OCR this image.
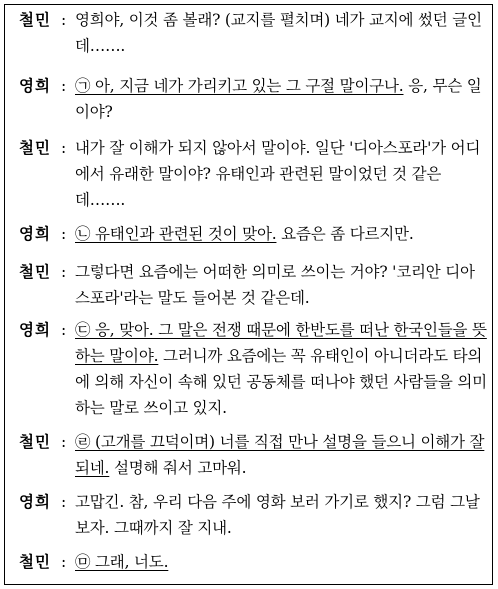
철민 : 영희야, 이것 좀 볼래? (교지를 펼치며) 네가 교지에 썼던 글인데…….
영희 : ㉠ 아, 지금 네가 가리키고 있는 그 구절 말이구나. 응, 무슨 일이야?
철민 : 내가 잘 이해가 되지 않아서 말이야. 일단 '디아스포라'가 어디에서 유래한 말이야? 유태인과 관련된 말이었던 것 같은데…….
영희 : ㉡ 유태인과 관련된 것이 맞아. 요즘은 좀 다르지만.
철민 : 그렇다면 요즘에는 어떠한 의미로 쓰이는 거야? '코리안 디아스포라'라는 말도 들어본 것 같은데.
영희 : ㉢ 응, 맞아. 그 말은 전쟁 때문에 한반도를 떠난 한국인들을 뜻하는 말이야. 그러니까 요즘에는 꼭 유태인이 아니더라도 타의에 의해 자신이 속해 있던 공동체를 떠나야 했던 사람들을 의미하는 말로 쓰이고 있지.
철민 : ㉣ (고개를 끄덕이며) 너를 직접 만나 설명을 들으니 이해가 잘되네. 설명해 줘서 고마워.
영희 : 고맙긴. 참, 우리 다음 주에 영화 보러 가기로 했지? 그럼 그날 보자. 그때까지 잘 지내.
철민 : ㉤ 그래, 너도.
